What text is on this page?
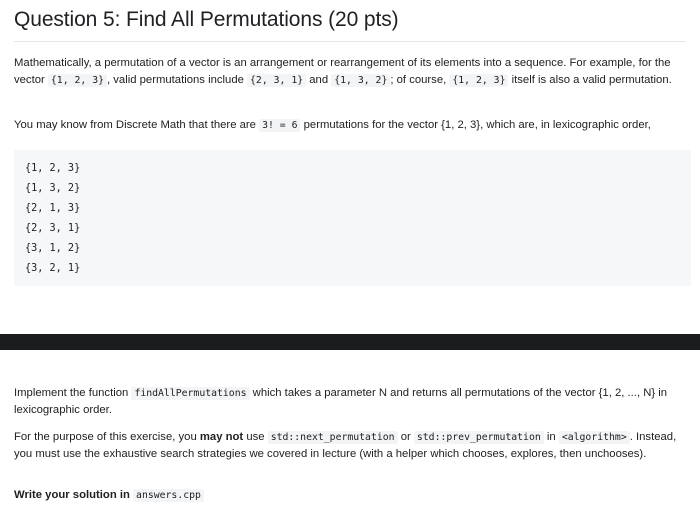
Question 5: Find All Permutations (20 pts)

Mathematically, a permutation of a vector is an arrangement or rearrangement of its elements into a sequence. For example, for the vector {1, 2, 3} , valid permutations include {2, 3, 1} and {1, 3, 2} ; of course, {1, 2, 3} itself is also a valid permutation.

You may know from Discrete Math that there are 3! = 6 permutations for the vector {1, 2, 3}, which are, in lexicographic order,

{1, 2, 3}
{1, 3, 2}
{2, 1, 3}
{2, 3, 1}
{3, 1, 2}
{3, 2, 1}

Implement the function findAllPermutations which takes a parameter N and returns all permutations of the vector {1, 2, ..., N} in lexicographic order.

For the purpose of this exercise, you may not use std::next_permutation or std::prev_permutation in <algorithm> . Instead, you must use the exhaustive search strategies we covered in lecture (with a helper which chooses, explores, then unchooses).

Write your solution in answers.cpp
